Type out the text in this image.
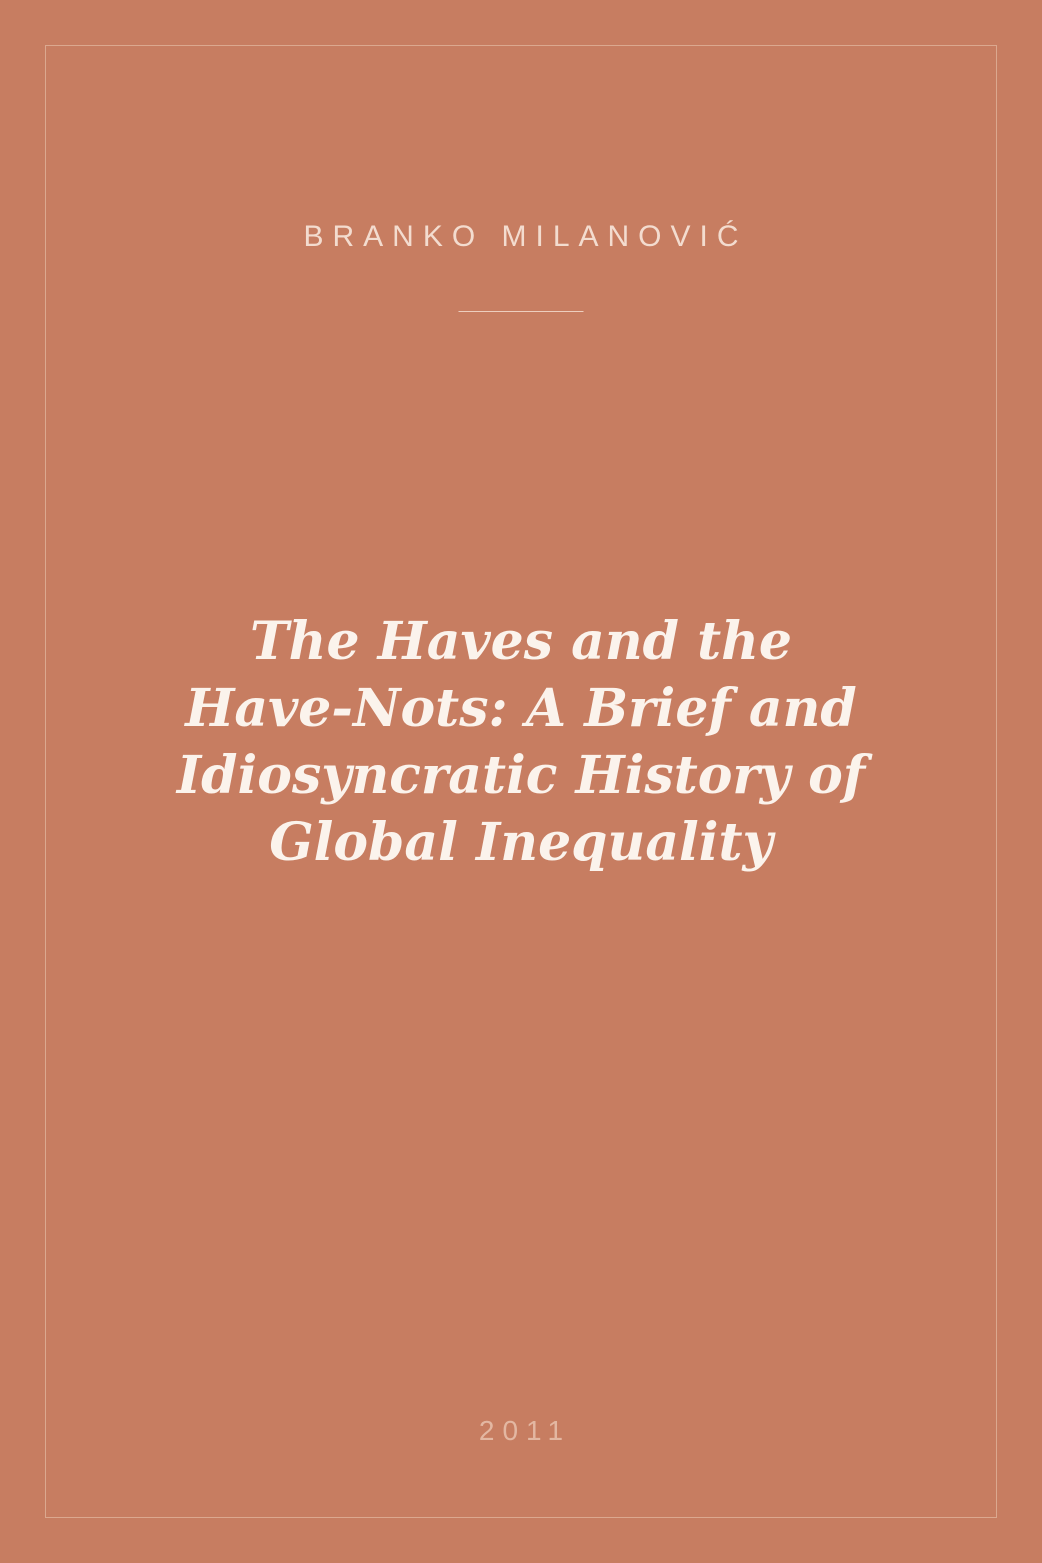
BRANKO MILANOVIĆ
The Haves and the
Have-Nots: A Brief and
Idiosyncratic History of
Global Inequality
2011
